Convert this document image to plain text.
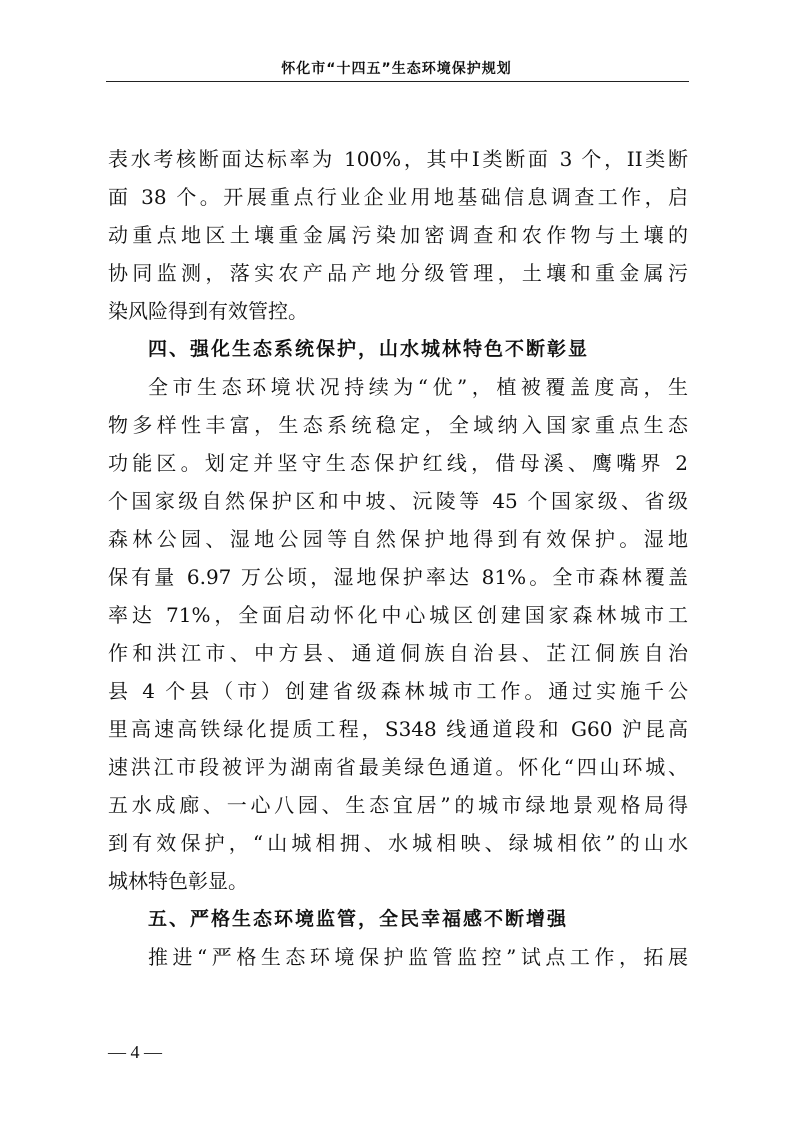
怀化市“十四五”生态环境保护规划
表水考核断面达标率为 100%，其中I类断面 3 个，II类断
面 38 个。开展重点行业企业用地基础信息调查工作，启
动重点地区土壤重金属污染加密调查和农作物与土壤的
协同监测，落实农产品产地分级管理，土壤和重金属污
染风险得到有效管控。
四、强化生态系统保护，山水城林特色不断彰显
全市生态环境状况持续为“优”，植被覆盖度高，生
物多样性丰富，生态系统稳定，全域纳入国家重点生态
功能区。划定并坚守生态保护红线，借母溪、鹰嘴界 2
个国家级自然保护区和中坡、沅陵等 45 个国家级、省级
森林公园、湿地公园等自然保护地得到有效保护。湿地
保有量 6.97 万公顷，湿地保护率达 81%。全市森林覆盖
率达 71%，全面启动怀化中心城区创建国家森林城市工
作和洪江市、中方县、通道侗族自治县、芷江侗族自治
县 4 个县（市）创建省级森林城市工作。通过实施千公
里高速高铁绿化提质工程，S348 线通道段和 G60 沪昆高
速洪江市段被评为湖南省最美绿色通道。怀化“四山环城、
五水成廊、一心八园、生态宜居”的城市绿地景观格局得
到有效保护，“山城相拥、水城相映、绿城相依”的山水
城林特色彰显。
五、严格生态环境监管，全民幸福感不断增强
推进“严格生态环境保护监管监控”试点工作，拓展
— 4 —
